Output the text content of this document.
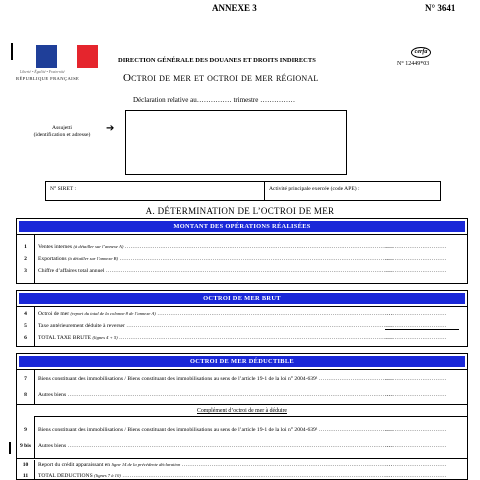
ANNEXE 3	N° 3641
Liberté • Égalité • Fraternité
RÉPUBLIQUE FRANÇAISE
DIRECTION GÉNÉRALE DES DOUANES ET DROITS INDIRECTS
Octroi de mer et octroi de mer régional
cerfa
N° 12449*03
Déclaration relative au…………… trimestre ……………
Assujetti
(identification et adresse)
➔
N° SIRET :	Activité principale exercée (code APE) :
A. DÉTERMINATION DE L’OCTROI DE MER
MONTANT DES OPÉRATIONS RÉALISÉES
1	Ventes internes (à détailler sur l’annexe A) ………………………………………………………………………………………………………………………………………………………………………………………………………………	……………………………
2	Exportations (à détailler sur l’annexe B) ………………………………………………………………………………………………………………………………………………………………………………………………………………	……………………………
3	Chiffre d’affaires total annuel ………………………………………………………………………………………………………………………………………………………………………………………………………………	……………………………
OCTROI DE MER BRUT
4	Octroi de mer (report du total de la colonne 8 de l’annexe A) ………………………………………………………………………………………………………………………………………………………………………………………………………………	……………………………
5	Taxe antérieurement déduite à reverser ………………………………………………………………………………………………………………………………………………………………………………………………………………	……………………………
6	TOTAL TAXE BRUTE (lignes 4 + 5) ………………………………………………………………………………………………………………………………………………………………………………………………………………	……………………………
OCTROI DE MER DÉDUCTIBLE
7	Biens constituant des immobilisations / Biens constituant des immobilisations au sens de l’article 19-1 de la loi n° 2004-639¹ ………………………………………………………………………………………………………………………………………………………………………………………………………………	……………………………
8	Autres biens ………………………………………………………………………………………………………………………………………………………………………………………………………………	……………………………
Complément d’octroi de mer à déduire
9	Biens constituant des immobilisations / Biens constituant des immobilisations au sens de l’article 19-1 de la loi n° 2004-639¹ ………………………………………………………………………………………………………………………………………………………………………………………………………………	……………………………
9 bis	Autres biens ………………………………………………………………………………………………………………………………………………………………………………………………………………	……………………………
10	Report du crédit apparaissant en ligne 14 de la précédente déclaration ………………………………………………………………………………………………………………………………………………………………………………………………………………	……………………………
11	TOTAL DÉDUCTIONS (lignes 7 à 10) ………………………………………………………………………………………………………………………………………………………………………………………………………………	……………………………
